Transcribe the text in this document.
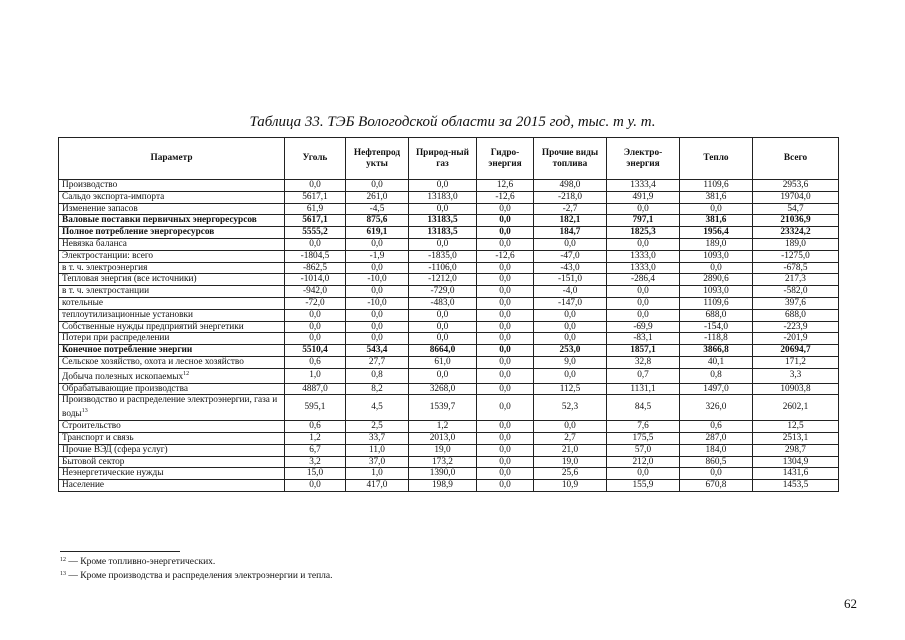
Таблица 33. ТЭБ Вологодской области за 2015 год, тыс. т у. т.
Параметр	Уголь	Нефтепрод укты	Природ-ный газ	Гидро-энергия	Прочие виды топлива	Электро-энергия	Тепло	Всего
Производство	0,0	0,0	0,0	12,6	498,0	1333,4	1109,6	2953,6
Сальдо экспорта-импорта	5617,1	261,0	13183,0	-12,6	-218,0	491,9	381,6	19704,0
Изменение запасов	61,9	-4,5	0,0	0,0	-2,7	0,0	0,0	54,7
Валовые поставки первичных энергоресурсов	5617,1	875,6	13183,5	0,0	182,1	797,1	381,6	21036,9
Полное потребление энергоресурсов	5555,2	619,1	13183,5	0,0	184,7	1825,3	1956,4	23324,2
Невязка баланса	0,0	0,0	0,0	0,0	0,0	0,0	189,0	189,0
Электростанции: всего	-1804,5	-1,9	-1835,0	-12,6	-47,0	1333,0	1093,0	-1275,0
в т. ч. электроэнергия	-862,5	0,0	-1106,0	0,0	-43,0	1333,0	0,0	-678,5
Тепловая энергия (все источники)	-1014,0	-10,0	-1212,0	0,0	-151,0	-286,4	2890,6	217,3
в т. ч. электростанции	-942,0	0,0	-729,0	0,0	-4,0	0,0	1093,0	-582,0
котельные	-72,0	-10,0	-483,0	0,0	-147,0	0,0	1109,6	397,6
теплоутилизационные установки	0,0	0,0	0,0	0,0	0,0	0,0	688,0	688,0
Собственные нужды предприятий энергетики	0,0	0,0	0,0	0,0	0,0	-69,9	-154,0	-223,9
Потери при распределении	0,0	0,0	0,0	0,0	0,0	-83,1	-118,8	-201,9
Конечное потребление энергии	5510,4	543,4	8664,0	0,0	253,0	1857,1	3866,8	20694,7
Сельское хозяйство, охота и лесное хозяйство	0,6	27,7	61,0	0,0	9,0	32,8	40,1	171,2
Добыча полезных ископаемых$^{12}$	1,0	0,8	0,0	0,0	0,0	0,7	0,8	3,3
Обрабатывающие производства	4887,0	8,2	3268,0	0,0	112,5	1131,1	1497,0	10903,8
Производство и распределение электроэнергии, газа и воды$^{13}$	595,1	4,5	1539,7	0,0	52,3	84,5	326,0	2602,1
Строительство	0,6	2,5	1,2	0,0	0,0	7,6	0,6	12,5
Транспорт и связь	1,2	33,7	2013,0	0,0	2,7	175,5	287,0	2513,1
Прочие ВЭД (сфера услуг)	6,7	11,0	19,0	0,0	21,0	57,0	184,0	298,7
Бытовой сектор	3,2	37,0	173,2	0,0	19,0	212,0	860,5	1304,9
Неэнергетические нужды	15,0	1,0	1390,0	0,0	25,6	0,0	0,0	1431,6
Население	0,0	417,0	198,9	0,0	10,9	155,9	670,8	1453,5
$^{12}$ — Кроме топливно-энергетических.
$^{13}$ — Кроме производства и распределения электроэнергии и тепла.
62
